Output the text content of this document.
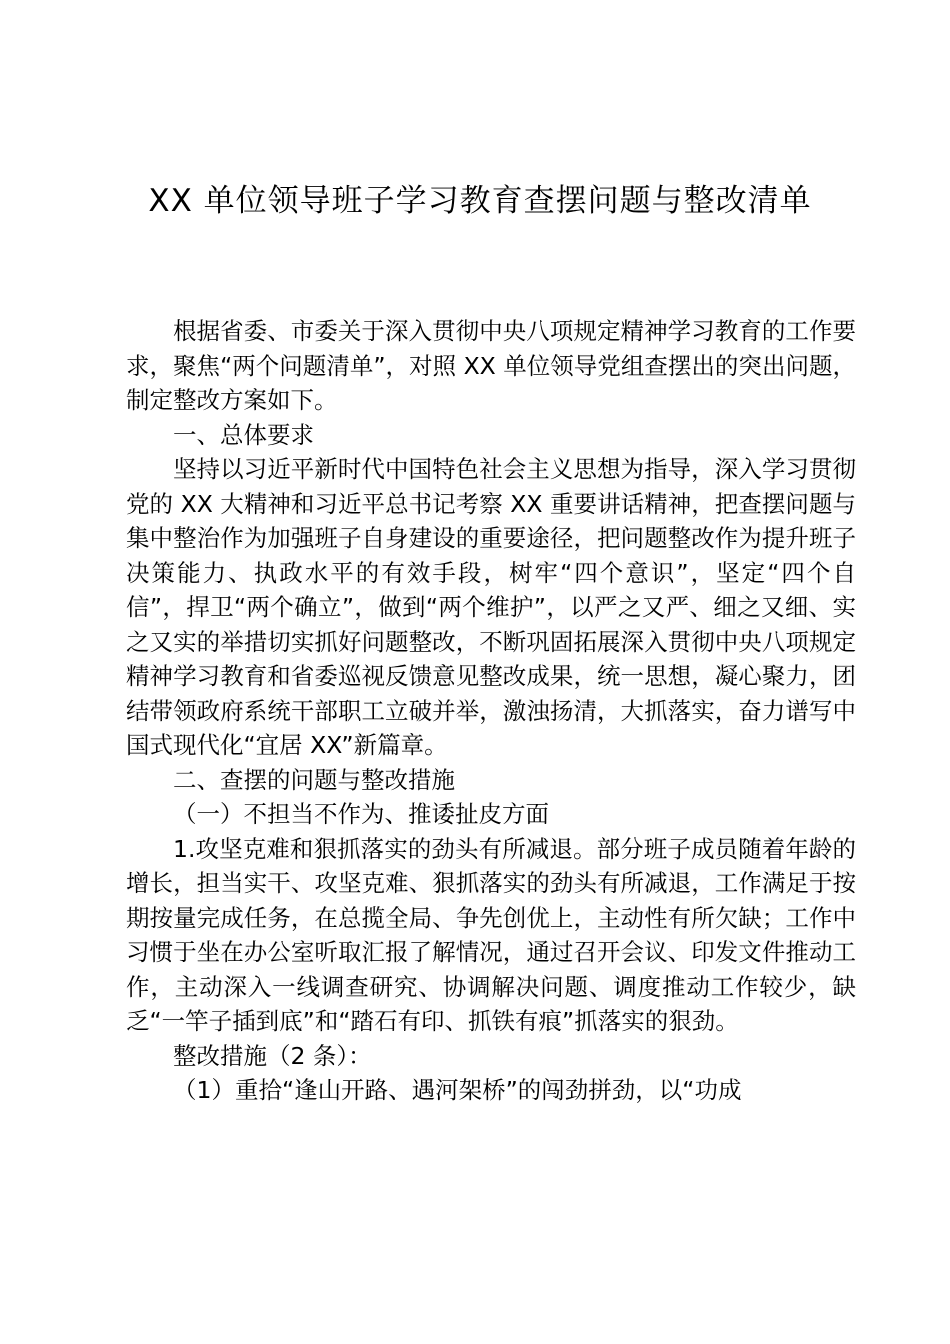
XX 单位领导班子学习教育查摆问题与整改清单

根据省委、市委关于深入贯彻中央八项规定精神学习教育的工作要求，聚焦“两个问题清单”，对照 XX 单位领导党组查摆出的突出问题，制定整改方案如下。

一、总体要求

坚持以习近平新时代中国特色社会主义思想为指导，深入学习贯彻党的 XX 大精神和习近平总书记考察 XX 重要讲话精神，把查摆问题与集中整治作为加强班子自身建设的重要途径，把问题整改作为提升班子决策能力、执政水平的有效手段，树牢“四个意识”，坚定“四个自信”，捍卫“两个确立”，做到“两个维护”，以严之又严、细之又细、实之又实的举措切实抓好问题整改，不断巩固拓展深入贯彻中央八项规定精神学习教育和省委巡视反馈意见整改成果，统一思想，凝心聚力，团结带领政府系统干部职工立破并举，激浊扬清，大抓落实，奋力谱写中国式现代化“宜居 XX”新篇章。

二、查摆的问题与整改措施

（一）不担当不作为、推诿扯皮方面

1.攻坚克难和狠抓落实的劲头有所减退。部分班子成员随着年龄的增长，担当实干、攻坚克难、狠抓落实的劲头有所减退，工作满足于按期按量完成任务，在总揽全局、争先创优上，主动性有所欠缺；工作中习惯于坐在办公室听取汇报了解情况，通过召开会议、印发文件推动工作，主动深入一线调查研究、协调解决问题、调度推动工作较少，缺乏“一竿子插到底”和“踏石有印、抓铁有痕”抓落实的狠劲。

整改措施（2 条）：

（1）重拾“逢山开路、遇河架桥”的闯劲拼劲，以“功成
